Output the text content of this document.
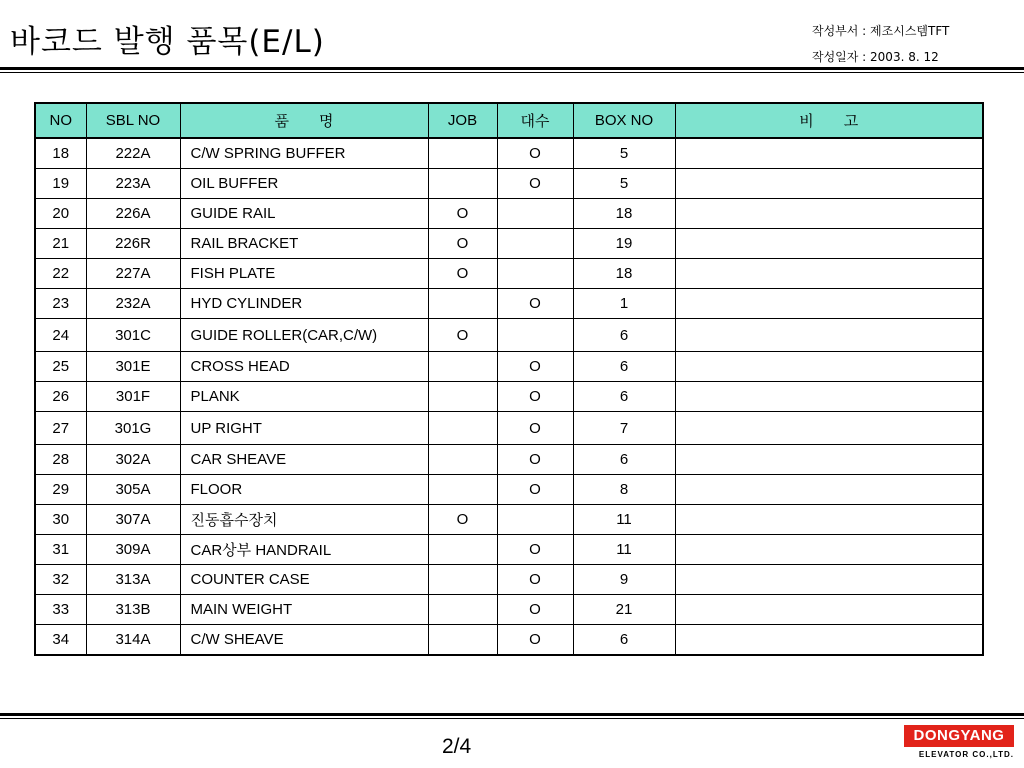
바코드 발행 품목(E/L)	작성부서 : 제조시스템TFT
작성일자 : 2003. 8. 12
NO	SBL NO	품　　명	JOB	대수	BOX NO	비　　고
18	222A	C/W SPRING BUFFER		O	5	
19	223A	OIL BUFFER		O	5	
20	226A	GUIDE RAIL	O		18	
21	226R	RAIL BRACKET	O		19	
22	227A	FISH PLATE	O		18	
23	232A	HYD CYLINDER		O	1	
24	301C	GUIDE ROLLER(CAR,C/W)	O		6	
25	301E	CROSS HEAD		O	6	
26	301F	PLANK		O	6	
27	301G	UP RIGHT		O	7	
28	302A	CAR SHEAVE		O	6	
29	305A	FLOOR		O	8	
30	307A	진동흡수장치	O		11	
31	309A	CAR상부 HANDRAIL		O	11	
32	313A	COUNTER CASE		O	9	
33	313B	MAIN WEIGHT		O	21	
34	314A	C/W SHEAVE		O	6	
2/4	DONGYANG
ELEVATOR CO.,LTD.
